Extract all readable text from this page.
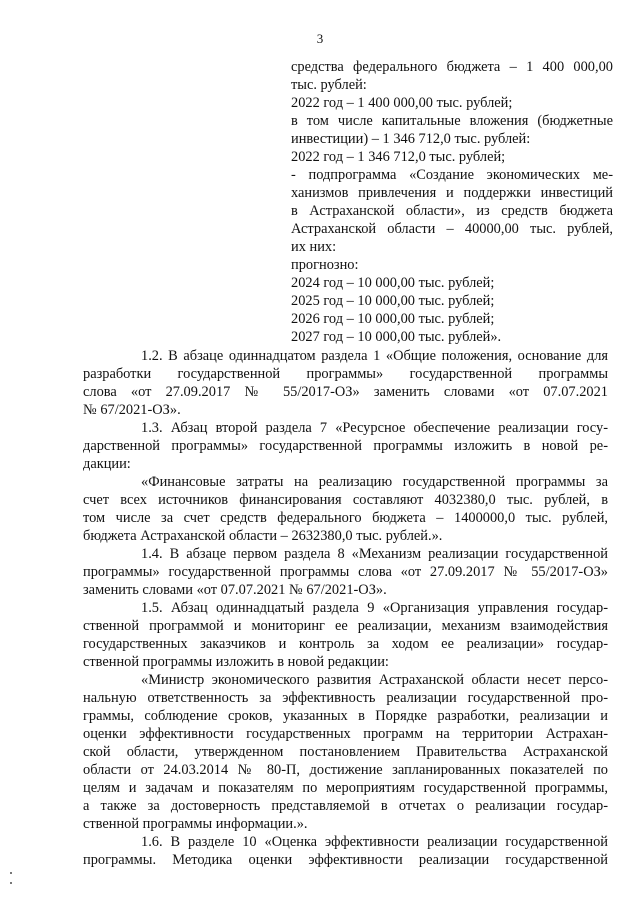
3
средства федерального бюджета – 1 400 000,00
тыс. рублей:
2022 год – 1 400 000,00 тыс. рублей;
в том числе капитальные вложения (бюджетные
инвестиции) – 1 346 712,0 тыс. рублей:
2022 год – 1 346 712,0 тыс. рублей;
- подпрограмма «Создание экономических ме-
ханизмов привлечения и поддержки инвестиций
в Астраханской области», из средств бюджета
Астраханской области – 40000,00 тыс. рублей,
их них:
прогнозно:
2024 год – 10 000,00 тыс. рублей;
2025 год – 10 000,00 тыс. рублей;
2026 год – 10 000,00 тыс. рублей;
2027 год – 10 000,00 тыс. рублей».
1.2. В абзаце одиннадцатом раздела 1 «Общие положения, основание для
разработки государственной программы» государственной программы
слова «от 27.09.2017 № 55/2017-ОЗ» заменить словами «от 07.07.2021
№ 67/2021-ОЗ».
1.3. Абзац второй раздела 7 «Ресурсное обеспечение реализации госу-
дарственной программы» государственной программы изложить в новой ре-
дакции:
«Финансовые затраты на реализацию государственной программы за
счет всех источников финансирования составляют 4032380,0 тыс. рублей, в
том числе за счет средств федерального бюджета – 1400000,0 тыс. рублей,
бюджета Астраханской области – 2632380,0 тыс. рублей.».
1.4. В абзаце первом раздела 8 «Механизм реализации государственной
программы» государственной программы слова «от 27.09.2017 № 55/2017-ОЗ»
заменить словами «от 07.07.2021 № 67/2021-ОЗ».
1.5. Абзац одиннадцатый раздела 9 «Организация управления государ-
ственной программой и мониторинг ее реализации, механизм взаимодействия
государственных заказчиков и контроль за ходом ее реализации» государ-
ственной программы изложить в новой редакции:
«Министр экономического развития Астраханской области несет персо-
нальную ответственность за эффективность реализации государственной про-
граммы, соблюдение сроков, указанных в Порядке разработки, реализации и
оценки эффективности государственных программ на территории Астрахан-
ской области, утвержденном постановлением Правительства Астраханской
области от 24.03.2014 № 80-П, достижение запланированных показателей по
целям и задачам и показателям по мероприятиям государственной программы,
а также за достоверность представляемой в отчетах о реализации государ-
ственной программы информации.».
1.6. В разделе 10 «Оценка эффективности реализации государственной
программы. Методика оценки эффективности реализации государственной
